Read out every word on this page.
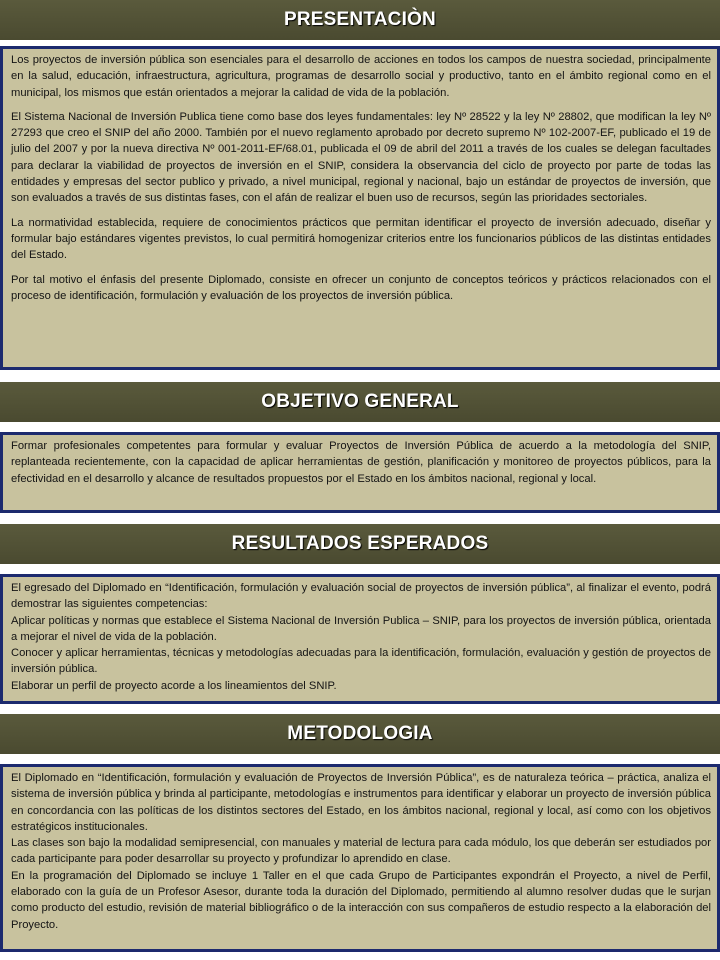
PRESENTACIÒN

Los proyectos de inversión pública son esenciales para el desarrollo de acciones en todos los campos de nuestra sociedad, principalmente en la salud, educación, infraestructura, agricultura, programas de desarrollo social y productivo, tanto en el ámbito regional como en el municipal, los mismos que están orientados a mejorar la calidad de vida de la población.

El Sistema Nacional de Inversión Publica tiene como base dos leyes fundamentales: ley Nº 28522 y la ley Nº 28802, que modifican la ley Nº 27293 que creo el SNIP del año 2000. También por el nuevo reglamento aprobado por decreto supremo Nº 102-2007-EF, publicado el 19 de julio del 2007 y por la nueva directiva Nº 001-2011-EF/68.01, publicada el 09 de abril del 2011 a través de los cuales se delegan facultades para declarar la viabilidad de proyectos de inversión en el SNIP, considera la observancia del ciclo de proyecto por parte de todas las entidades y empresas del sector publico y privado, a nivel municipal, regional y nacional, bajo un estándar de proyectos de inversión, que son evaluados a través de sus distintas fases, con el afán de realizar el buen uso de recursos, según las prioridades sectoriales.

La normatividad establecida, requiere de conocimientos prácticos que permitan identificar el proyecto de inversión adecuado, diseñar y formular bajo estándares vigentes previstos, lo cual permitirá homogenizar criterios entre los funcionarios públicos de las distintas entidades del Estado.

Por tal motivo el énfasis del presente Diplomado, consiste en ofrecer un conjunto de conceptos teóricos y prácticos relacionados con el proceso de identificación, formulación y evaluación de los proyectos de inversión pública.

OBJETIVO GENERAL

Formar profesionales competentes para formular y evaluar Proyectos de Inversión Pública de acuerdo a la metodología del SNIP, replanteada recientemente, con la capacidad de aplicar herramientas de gestión, planificación y monitoreo de proyectos públicos, para la efectividad en el desarrollo y alcance de resultados propuestos por el Estado en los ámbitos nacional, regional y local.

RESULTADOS ESPERADOS

El egresado del Diplomado en “Identificación, formulación y evaluación social de proyectos de inversión pública”, al finalizar el evento, podrá demostrar las siguientes competencias:

Aplicar políticas y normas que establece el Sistema Nacional de Inversión Publica – SNIP, para los proyectos de inversión pública, orientada a mejorar el nivel de vida de la población.

Conocer y aplicar herramientas, técnicas y metodologías adecuadas para la identificación, formulación, evaluación y gestión de proyectos de inversión pública.

Elaborar un perfil de proyecto acorde a los lineamientos del SNIP.

METODOLOGIA

El Diplomado en “Identificación, formulación y evaluación de Proyectos de Inversión Pública”, es de naturaleza teórica – práctica, analiza el sistema de inversión pública y brinda al participante, metodologías e instrumentos para identificar y elaborar un proyecto de inversión pública en concordancia con las políticas de los distintos sectores del Estado, en los ámbitos nacional, regional y local, así como con los objetivos estratégicos institucionales.

Las clases son bajo la modalidad semipresencial, con manuales y material de lectura para cada módulo, los que deberán ser estudiados por cada participante para poder desarrollar su proyecto y profundizar lo aprendido en clase.

En la programación del Diplomado se incluye 1 Taller en el que cada Grupo de Participantes expondrán el Proyecto, a nivel de Perfil, elaborado con la guía de un Profesor Asesor, durante toda la duración del Diplomado, permitiendo al alumno resolver dudas que le surjan como producto del estudio, revisión de material bibliográfico o de la interacción con sus compañeros de estudio respecto a la elaboración del Proyecto.
